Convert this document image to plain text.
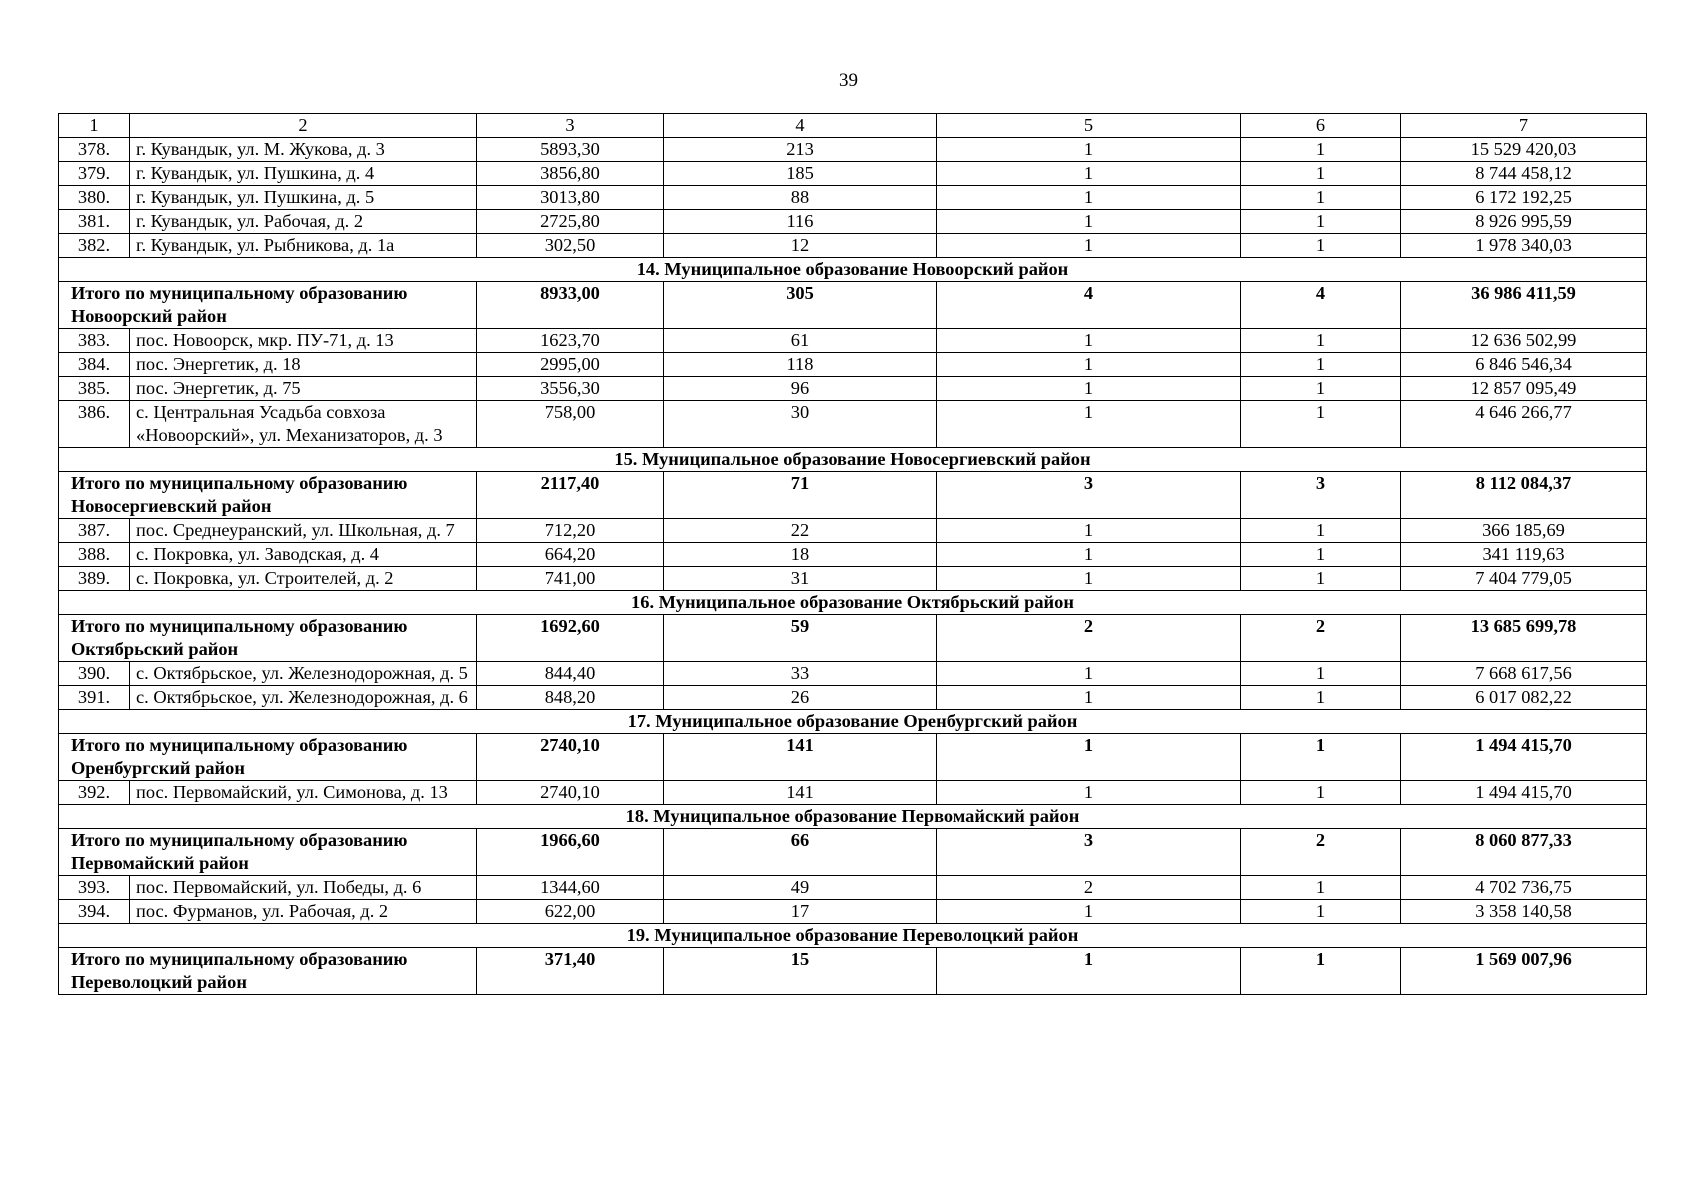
39
1	2	3	4	5	6	7
378.	г. Кувандык, ул. М. Жукова, д. 3	5893,30	213	1	1	15 529 420,03
379.	г. Кувандык, ул. Пушкина, д. 4	3856,80	185	1	1	8 744 458,12
380.	г. Кувандык, ул. Пушкина, д. 5	3013,80	88	1	1	6 172 192,25
381.	г. Кувандык, ул. Рабочая, д. 2	2725,80	116	1	1	8 926 995,59
382.	г. Кувандык, ул. Рыбникова, д. 1а	302,50	12	1	1	1 978 340,03
14. Муниципальное образование Новоорский район						
Итого по муниципальному образованию Новоорский район		8933,00	305	4	4	36 986 411,59
383.	пос. Новоорск, мкр. ПУ-71, д. 13	1623,70	61	1	1	12 636 502,99
384.	пос. Энергетик, д. 18	2995,00	118	1	1	6 846 546,34
385.	пос. Энергетик, д. 75	3556,30	96	1	1	12 857 095,49
386.	с. Центральная Усадьба совхоза «Новоорский», ул. Механизаторов, д. 3	758,00	30	1	1	4 646 266,77
15. Муниципальное образование Новосергиевский район						
Итого по муниципальному образованию Новосергиевский район		2117,40	71	3	3	8 112 084,37
387.	пос. Среднеуранский, ул. Школьная, д. 7	712,20	22	1	1	366 185,69
388.	с. Покровка, ул. Заводская, д. 4	664,20	18	1	1	341 119,63
389.	с. Покровка, ул. Строителей, д. 2	741,00	31	1	1	7 404 779,05
16. Муниципальное образование Октябрьский район						
Итого по муниципальному образованию Октябрьский район		1692,60	59	2	2	13 685 699,78
390.	с. Октябрьское, ул. Железнодорожная, д. 5	844,40	33	1	1	7 668 617,56
391.	с. Октябрьское, ул. Железнодорожная, д. 6	848,20	26	1	1	6 017 082,22
17. Муниципальное образование Оренбургский район						
Итого по муниципальному образованию Оренбургский район		2740,10	141	1	1	1 494 415,70
392.	пос. Первомайский, ул. Симонова, д. 13	2740,10	141	1	1	1 494 415,70
18. Муниципальное образование Первомайский район						
Итого по муниципальному образованию Первомайский район		1966,60	66	3	2	8 060 877,33
393.	пос. Первомайский, ул. Победы, д. 6	1344,60	49	2	1	4 702 736,75
394.	пос. Фурманов, ул. Рабочая, д. 2	622,00	17	1	1	3 358 140,58
19. Муниципальное образование Переволоцкий район						
Итого по муниципальному образованию Переволоцкий район		371,40	15	1	1	1 569 007,96
